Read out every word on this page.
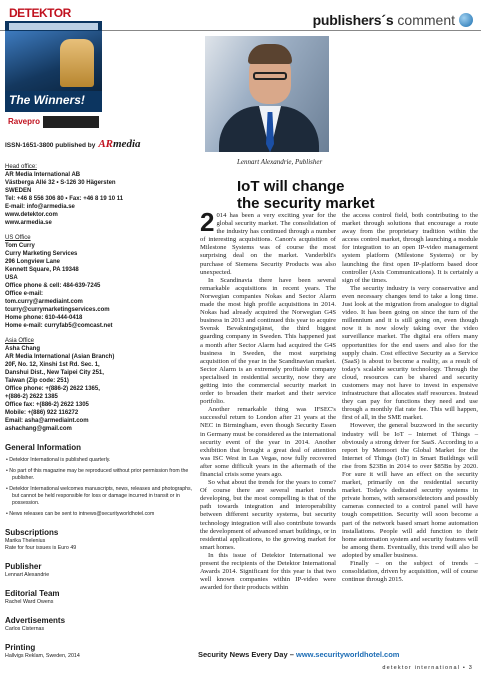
publishers´s comment
DETEKTOR
The Winners!
Ravepro
ISSN-1651-3800 published by ARmedia
Head office:
AR Media International AB
Västberga Allé 32 • S-126 30 Hägersten
SWEDEN
Tel: +46 8 556 306 80 • Fax: +46 8 19 10 11
E-mail: info@armedia.se
www.detektor.com
www.armedia.se
US Office
Tom Curry
Curry Marketing Services
296 Longview Lane
Kennett Square, PA 19348
USA
Office phone & cell: 484-639-7245
Office e-mail:
tom.curry@armediaint.com
tcurry@currymarketingservices.com
Home phone: 610-444-0418
Home e-mail: curryfab5@comcast.net
Asia Office
Asha Chang
AR Media International (Asian Branch)
20F, No. 12, Xinshi 1st Rd. Sec. 1,
Danshui Dist., New Taipei City 251,
Taiwan (Zip code: 251)
Office phone: +(886-2) 2622 1365,
+(886-2) 2622 1385
Office fax: +(886-2) 2622 1305
Mobile: +(886) 922 116272
Email: asha@armediaint.com
ashachang@gmail.com
General Information
• Detektor International is published quarterly.
• No part of this magazine may be reproduced without prior permission from the publisher.
• Detektor International welcomes manuscripts, news, releases and photographs, but cannot be held responsible for loss or damage incurred in transit or in possession.
• News releases can be sent to intnews@securityworldhotel.com
Subscriptions
Marika Thelenius
Rate for four issues is Euro 49
Publisher
Lennart Alexandrie
Editorial Team
Rachel Ward Owens
Advertisements
Carlos Cisternas
Printing
Hallvigs Reklam, Sweden, 2014
Lennart Alexandrie, Publisher
IoT will change
the security market

2 014 has been a very exciting year for the global security market. The consolidation of the industry has continued through a number of interesting acquisitions. Canon's acquisition of Milestone Systems was of course the most surprising deal on the market. Vanderbilt's purchase of Siemens Security Products was also unexpected.

In Scandinavia there have been several remarkable acquisitions in recent years. The Norwegian companies Nokas and Sector Alarm made the most high profile acquisitions in 2014. Nokas had already acquired the Norwegian G4S business in 2013 and continued this year to acquire Svensk Bevakningstjänst, the third biggest guarding company in Sweden. This happened just a month after Sector Alarm had acquired the G4S business in Sweden, the most surprising acquisition of the year in the Scandinavian market. Sector Alarm is an extremely profitable company specialised in residential security, now they are getting into the commercial security market in order to broaden their market and their service portfolio.

Another remarkable thing was IFSEC's successful return to London after 21 years at the NEC in Birmingham, even though Security Essen in Germany must be considered as the international security event of the year in 2014. Another exhibition that brought a great deal of attention was ISC West in Las Vegas, now fully recovered after some difficult years in the aftermath of the financial crisis some years ago.

So what about the trends for the years to come? Of course there are several market trends developing, but the most compelling is that of the path towards integration and interoperability between different security systems, but security technology integration will also contribute towards the development of advanced smart buildings, or in residential applications, to the growing market for smart homes.

In this issue of Detektor International we present the recipients of the Detektor International Awards 2014. Significant for this year is that two well known companies within IP-video were awarded for their products within

the access control field, both contributing to the market through solutions that encourage a route away from the proprietary tradition within the access control market, through launching a module for integration to an open IP-video management system platform (Milestone Systems) or by launching the first open IP-platform based door controller (Axis Communications). It is certainly a sign of the times.

The security industry is very conservative and even necessary changes tend to take a long time. Just look at the migration from analogue to digital video. It has been going on since the turn of the millennium and it is still going on, even though now it is now slowly taking over the video surveillance market. The digital era offers many opportunities for the end users and also for the supply chain. Cost effective Security as a Service (SaaS) is about to become a reality, as a result of today's scalable security technology. Through the cloud, resources can be shared and security customers may not have to invest in expensive infrastructure that allocates staff resources. Instead they can pay for functions they need and use through a monthly flat rate fee. This will happen, first of all, in the SME market.

However, the general buzzword in the security industry will be IoT – Internet of Things – obviously a strong driver for SaaS. According to a report by Memoori the Global Market for the Internet of Things (IoT) in Smart Buildings will rise from $23Bn in 2014 to over $85Bn by 2020. For sure it will have an effect on the security market, primarily on the residential security market. Today's dedicated security systems in private homes, with sensors/detectors and possibly cameras connected to a control panel will have tough competition. Security will soon become a part of the network based smart home automation installations. People will add function to their home automation system and security features will be among them. Eventually, this trend will also be adopted by smaller business.

Finally – on the subject of trends – consolidation, driven by acquisition, will of course continue through 2015.

Security News Every Day – www.securityworldhotel.com
detektor international • 3
